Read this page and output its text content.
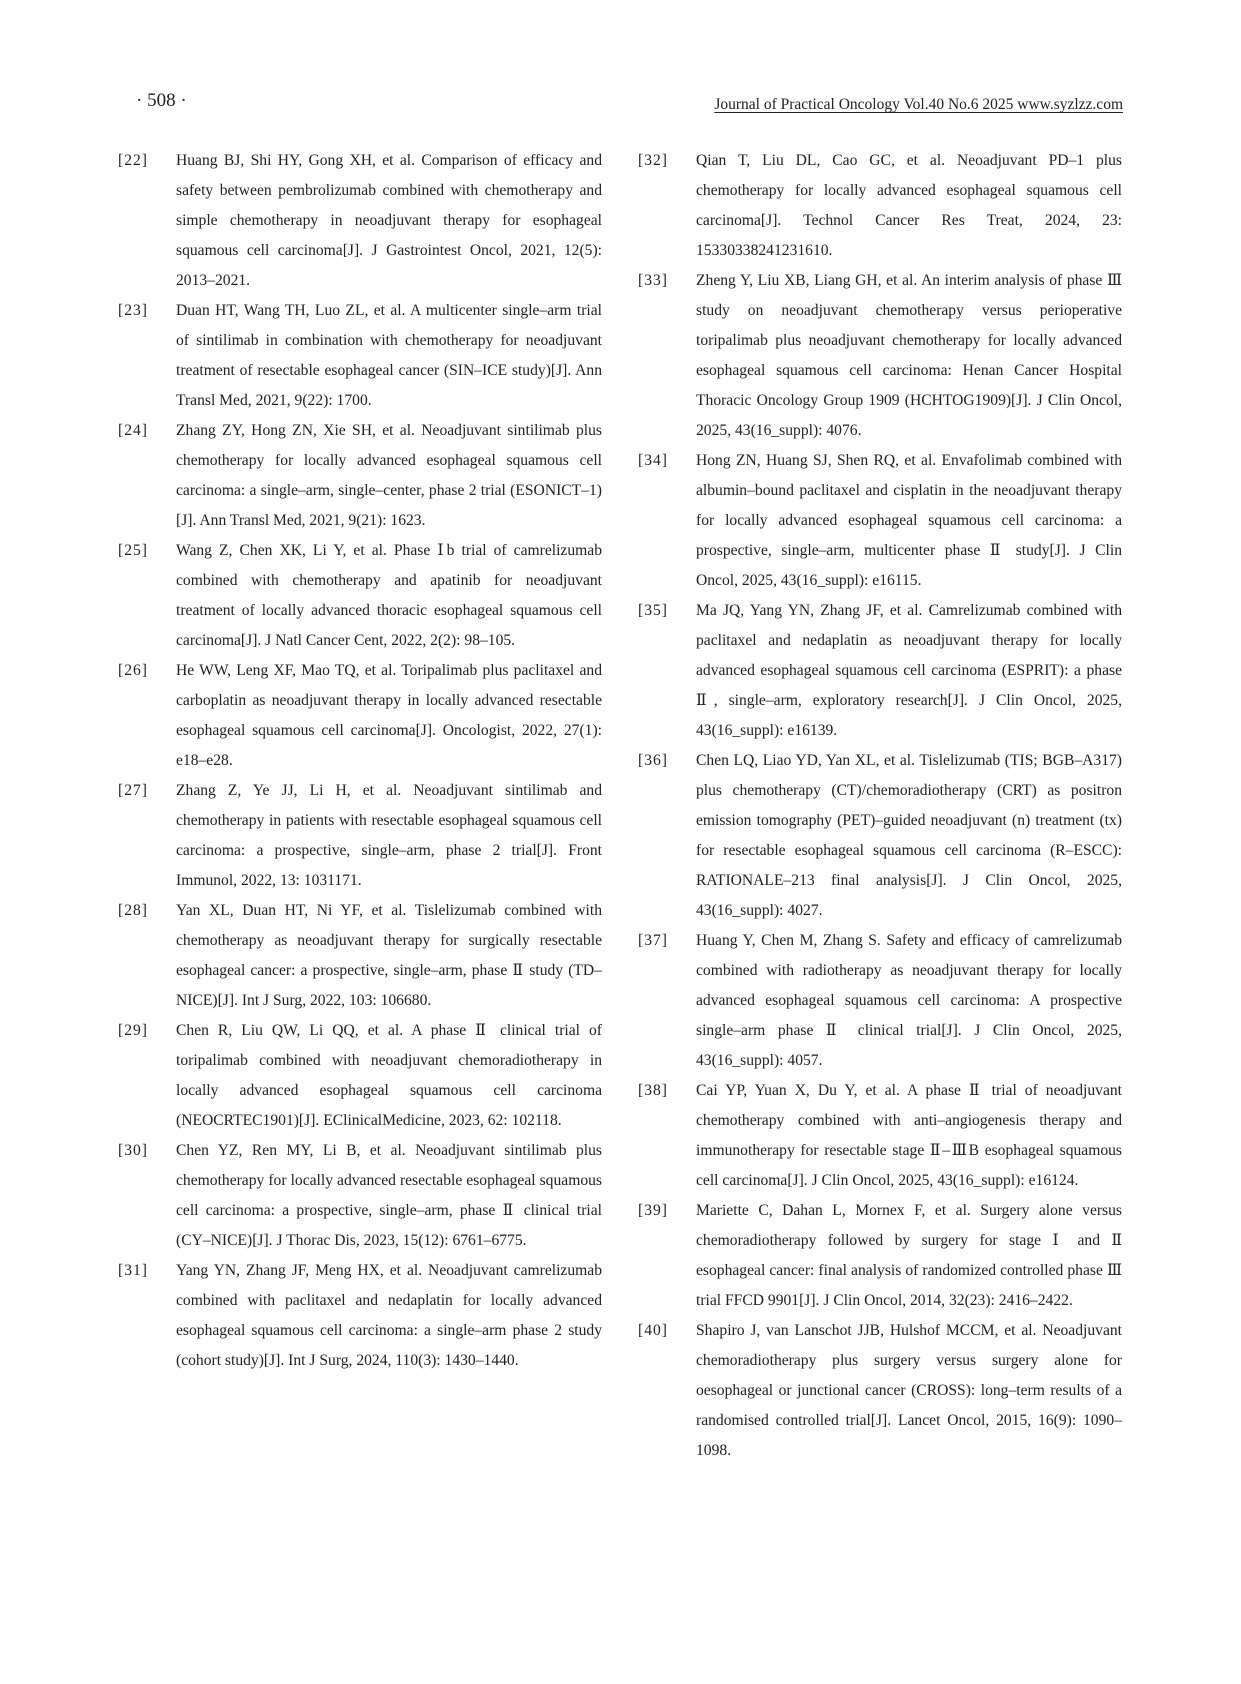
· 508 ·	Journal of Practical Oncology Vol.40 No.6 2025 www.syzlzz.com
[22]	Huang BJ, Shi HY, Gong XH, et al. Comparison of efficacy and safety between pembrolizumab combined with chemotherapy and simple chemotherapy in neoadjuvant therapy for esophageal squamous cell carcinoma[J]. J Gastrointest Oncol, 2021, 12(5): 2013–2021.
[23]	Duan HT, Wang TH, Luo ZL, et al. A multicenter single–arm trial of sintilimab in combination with chemotherapy for neoadjuvant treatment of resectable esophageal cancer (SIN–ICE study)[J]. Ann Transl Med, 2021, 9(22): 1700.
[24]	Zhang ZY, Hong ZN, Xie SH, et al. Neoadjuvant sintilimab plus chemotherapy for locally advanced esophageal squamous cell carcinoma: a single–arm, single–center, phase 2 trial (ESONICT–1)[J]. Ann Transl Med, 2021, 9(21): 1623.
[25]	Wang Z, Chen XK, Li Y, et al. Phase Ⅰb trial of camrelizumab combined with chemotherapy and apatinib for neoadjuvant treatment of locally advanced thoracic esophageal squamous cell carcinoma[J]. J Natl Cancer Cent, 2022, 2(2): 98–105.
[26]	He WW, Leng XF, Mao TQ, et al. Toripalimab plus paclitaxel and carboplatin as neoadjuvant therapy in locally advanced resectable esophageal squamous cell carcinoma[J]. Oncologist, 2022, 27(1): e18–e28.
[27]	Zhang Z, Ye JJ, Li H, et al. Neoadjuvant sintilimab and chemotherapy in patients with resectable esophageal squamous cell carcinoma: a prospective, single–arm, phase 2 trial[J]. Front Immunol, 2022, 13: 1031171.
[28]	Yan XL, Duan HT, Ni YF, et al. Tislelizumab combined with chemotherapy as neoadjuvant therapy for surgically resectable esophageal cancer: a prospective, single–arm, phase Ⅱ study (TD–NICE)[J]. Int J Surg, 2022, 103: 106680.
[29]	Chen R, Liu QW, Li QQ, et al. A phase Ⅱ clinical trial of toripalimab combined with neoadjuvant chemoradiotherapy in locally advanced esophageal squamous cell carcinoma (NEOCRTEC1901)[J]. EClinicalMedicine, 2023, 62: 102118.
[30]	Chen YZ, Ren MY, Li B, et al. Neoadjuvant sintilimab plus chemotherapy for locally advanced resectable esophageal squamous cell carcinoma: a prospective, single–arm, phase Ⅱ clinical trial (CY–NICE)[J]. J Thorac Dis, 2023, 15(12): 6761–6775.
[31]	Yang YN, Zhang JF, Meng HX, et al. Neoadjuvant camrelizumab combined with paclitaxel and nedaplatin for locally advanced esophageal squamous cell carcinoma: a single–arm phase 2 study (cohort study)[J]. Int J Surg, 2024, 110(3): 1430–1440.
[32]	Qian T, Liu DL, Cao GC, et al. Neoadjuvant PD–1 plus chemotherapy for locally advanced esophageal squamous cell carcinoma[J]. Technol Cancer Res Treat, 2024, 23: 15330338241231610.
[33]	Zheng Y, Liu XB, Liang GH, et al. An interim analysis of phase Ⅲ study on neoadjuvant chemotherapy versus perioperative toripalimab plus neoadjuvant chemotherapy for locally advanced esophageal squamous cell carcinoma: Henan Cancer Hospital Thoracic Oncology Group 1909 (HCHTOG1909)[J]. J Clin Oncol, 2025, 43(16_suppl): 4076.
[34]	Hong ZN, Huang SJ, Shen RQ, et al. Envafolimab combined with albumin–bound paclitaxel and cisplatin in the neoadjuvant therapy for locally advanced esophageal squamous cell carcinoma: a prospective, single–arm, multicenter phase Ⅱ study[J]. J Clin Oncol, 2025, 43(16_suppl): e16115.
[35]	Ma JQ, Yang YN, Zhang JF, et al. Camrelizumab combined with paclitaxel and nedaplatin as neoadjuvant therapy for locally advanced esophageal squamous cell carcinoma (ESPRIT): a phase Ⅱ, single–arm, exploratory research[J]. J Clin Oncol, 2025, 43(16_suppl): e16139.
[36]	Chen LQ, Liao YD, Yan XL, et al. Tislelizumab (TIS; BGB–A317) plus chemotherapy (CT)/chemoradiotherapy (CRT) as positron emission tomography (PET)–guided neoadjuvant (n) treatment (tx) for resectable esophageal squamous cell carcinoma (R–ESCC): RATIONALE–213 final analysis[J]. J Clin Oncol, 2025, 43(16_suppl): 4027.
[37]	Huang Y, Chen M, Zhang S. Safety and efficacy of camrelizumab combined with radiotherapy as neoadjuvant therapy for locally advanced esophageal squamous cell carcinoma: A prospective single–arm phase Ⅱ clinical trial[J]. J Clin Oncol, 2025, 43(16_suppl): 4057.
[38]	Cai YP, Yuan X, Du Y, et al. A phase Ⅱ trial of neoadjuvant chemotherapy combined with anti–angiogenesis therapy and immunotherapy for resectable stage Ⅱ–ⅢB esophageal squamous cell carcinoma[J]. J Clin Oncol, 2025, 43(16_suppl): e16124.
[39]	Mariette C, Dahan L, Mornex F, et al. Surgery alone versus chemoradiotherapy followed by surgery for stage Ⅰ and Ⅱ esophageal cancer: final analysis of randomized controlled phase Ⅲ trial FFCD 9901[J]. J Clin Oncol, 2014, 32(23): 2416–2422.
[40]	Shapiro J, van Lanschot JJB, Hulshof MCCM, et al. Neoadjuvant chemoradiotherapy plus surgery versus surgery alone for oesophageal or junctional cancer (CROSS): long–term results of a randomised controlled trial[J]. Lancet Oncol, 2015, 16(9): 1090–1098.
